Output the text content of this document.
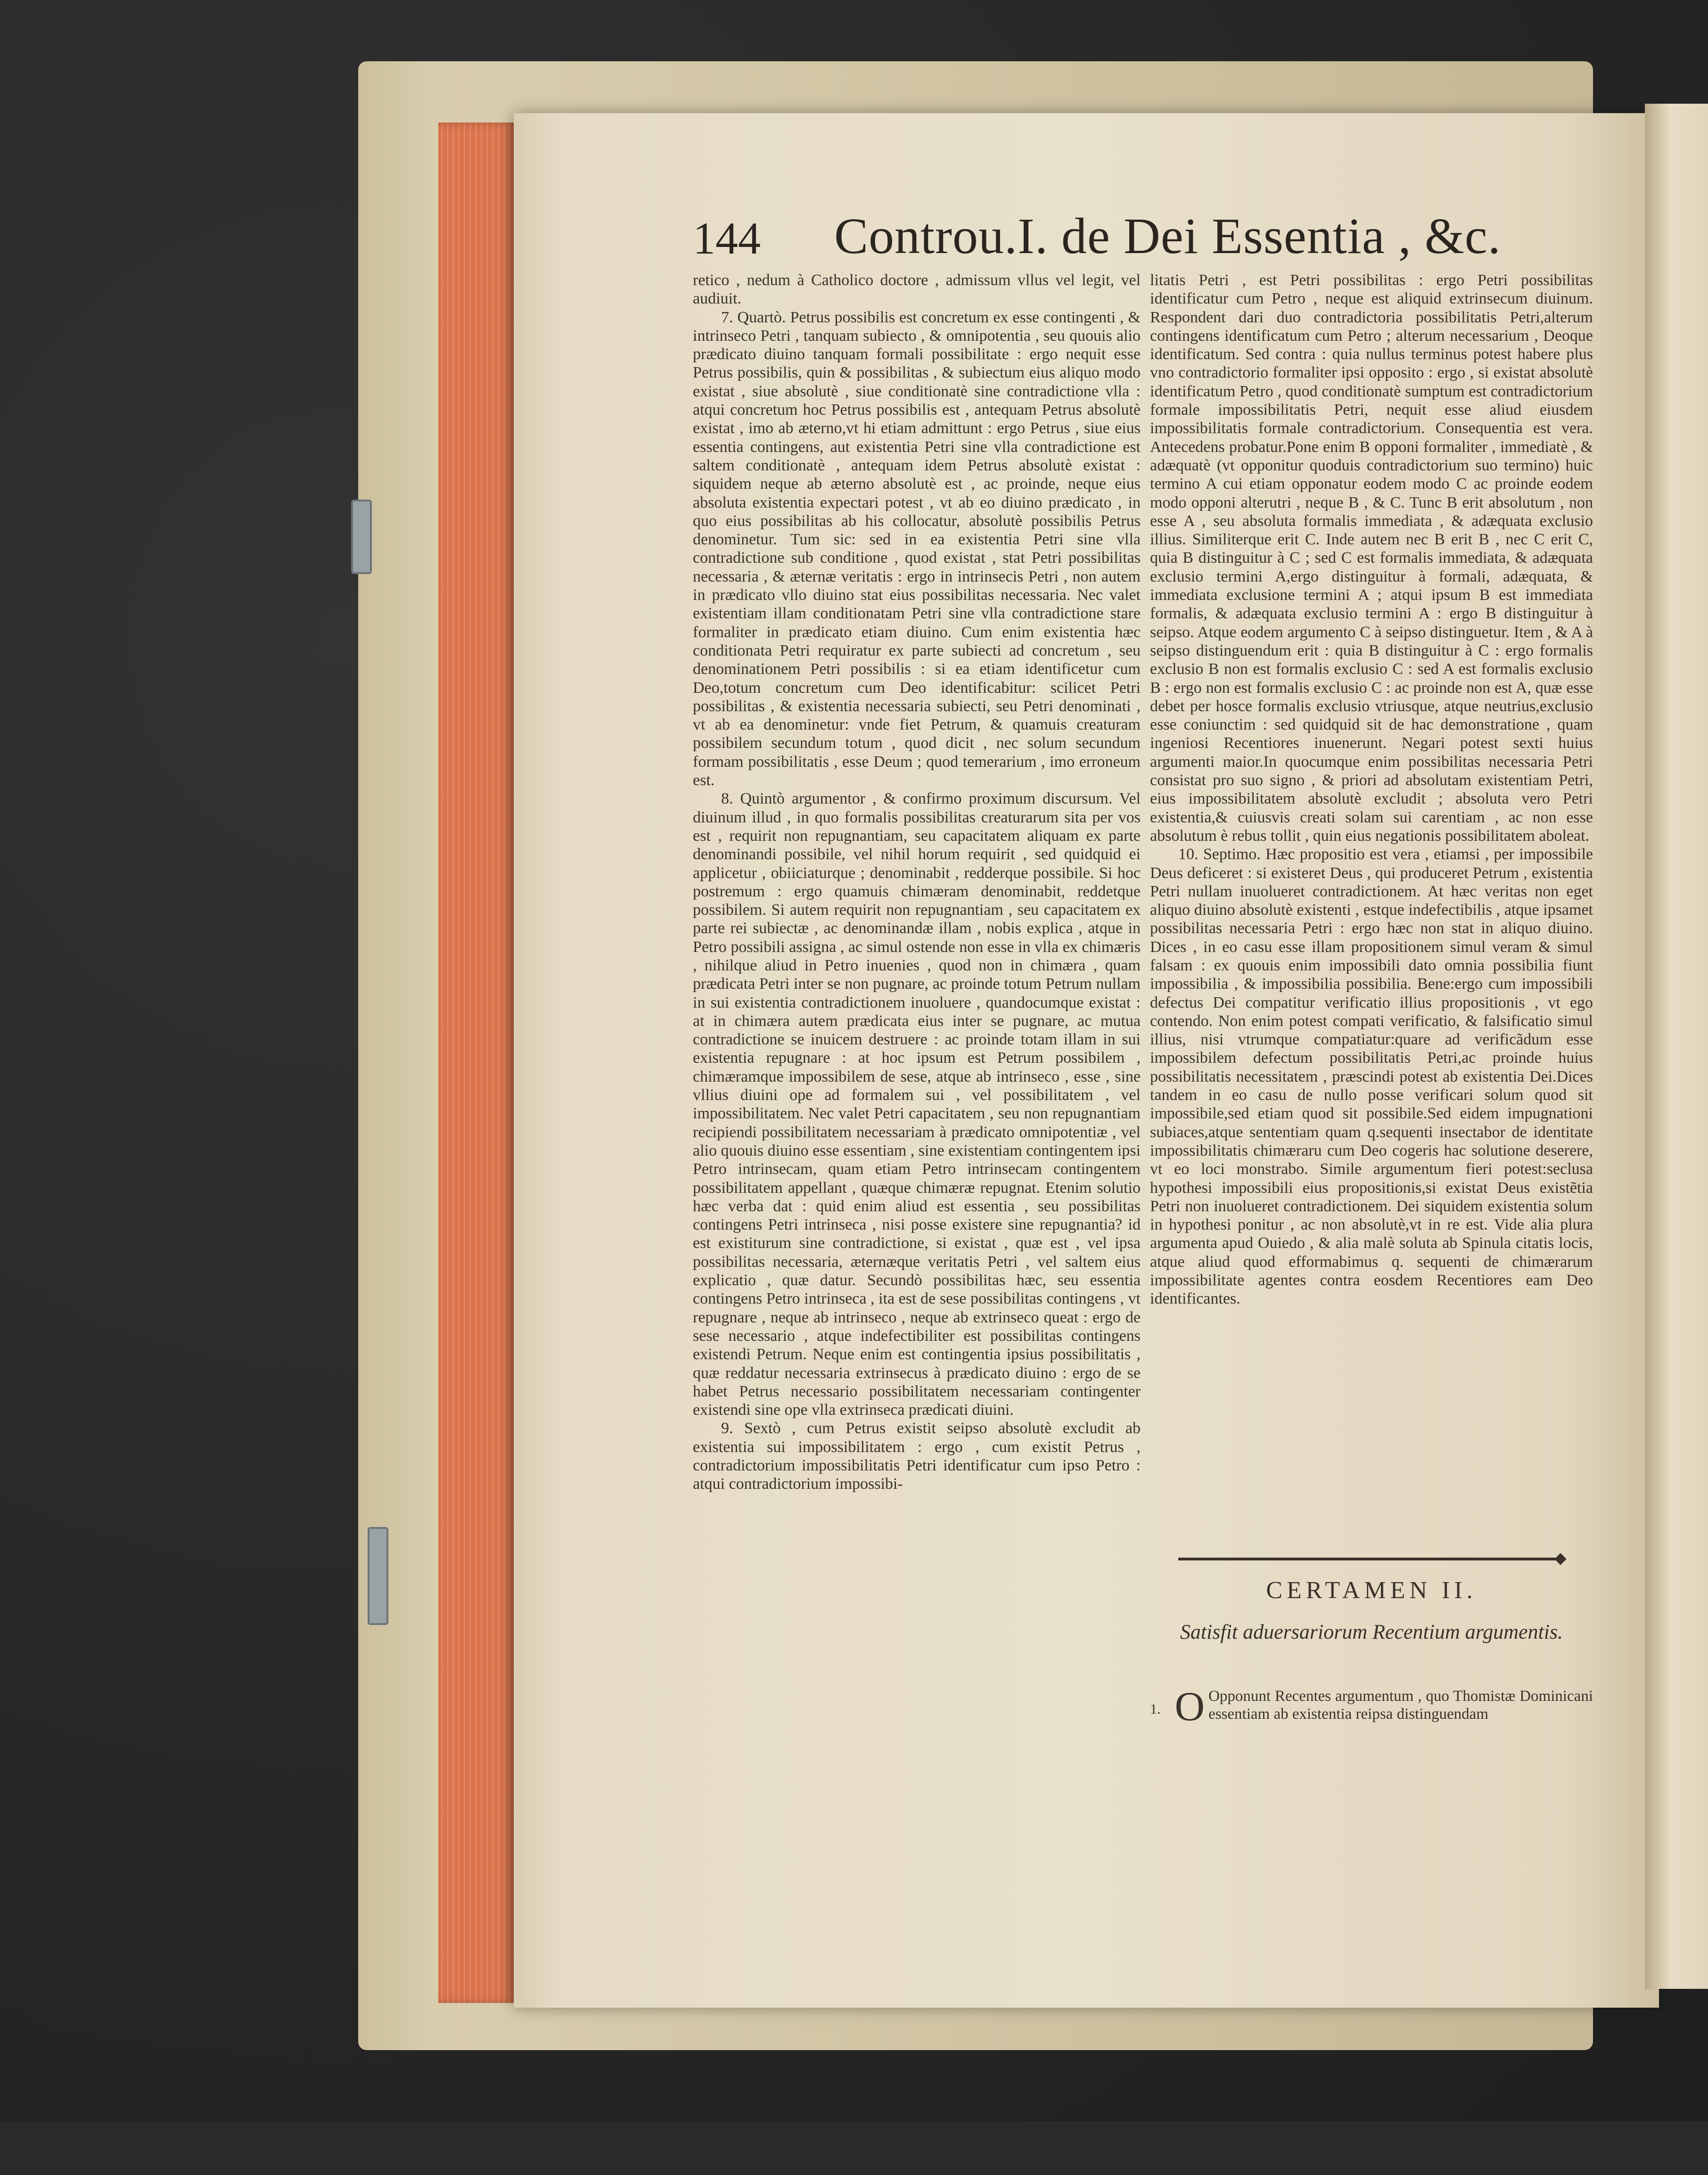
144 Controu.I. de Dei Essentia , &c.

retico , nedum à Catholico doctore , admissum vllus vel legit, vel audiuit.

7. Quartò. Petrus possibilis est concretum ex esse contingenti , & intrinseco Petri , tanquam subiecto , & omnipotentia , seu quouis alio prædicato diuino tanquam formali possibilitate : ergo nequit esse Petrus possibilis, quin & possibilitas , & subiectum eius aliquo modo existat , siue absolutè , siue conditionatè sine contradictione vlla : atqui concretum hoc Petrus possibilis est , antequam Petrus absolutè existat , imo ab æterno,vt hi etiam admittunt : ergo Petrus , siue eius essentia contingens, aut existentia Petri sine vlla contradictione est saltem conditionatè , antequam idem Petrus absolutè existat : siquidem neque ab æterno absolutè est , ac proinde, neque eius absoluta existentia expectari potest , vt ab eo diuino prædicato , in quo eius possibilitas ab his collocatur, absolutè possibilis Petrus denominetur. Tum sic: sed in ea existentia Petri sine vlla contradictione sub conditione , quod existat , stat Petri possibilitas necessaria , & æternæ veritatis : ergo in intrinsecis Petri , non autem in prædicato vllo diuino stat eius possibilitas necessaria. Nec valet existentiam illam conditionatam Petri sine vlla contradictione stare formaliter in prædicato etiam diuino. Cum enim existentia hæc conditionata Petri requiratur ex parte subiecti ad concretum , seu denominationem Petri possibilis : si ea etiam identificetur cum Deo,totum concretum cum Deo identificabitur: scilicet Petri possibilitas , & existentia necessaria subiecti, seu Petri denominati , vt ab ea denominetur: vnde fiet Petrum, & quamuis creaturam possibilem secundum totum , quod dicit , nec solum secundum formam possibilitatis , esse Deum ; quod temerarium , imo erroneum est.

8. Quintò argumentor , & confirmo proximum discursum. Vel diuinum illud , in quo formalis possibilitas creaturarum sita per vos est , requirit non repugnantiam, seu capacitatem aliquam ex parte denominandi possibile, vel nihil horum requirit , sed quidquid ei applicetur , obiiciaturque ; denominabit , redderque possibile. Si hoc postremum : ergo quamuis chimæram denominabit, reddetque possibilem. Si autem requirit non repugnantiam , seu capacitatem ex parte rei subiectæ , ac denominandæ illam , nobis explica , atque in Petro possibili assigna , ac simul ostende non esse in vlla ex chimæris , nihilque aliud in Petro inuenies , quod non in chimæra , quam prædicata Petri inter se non pugnare, ac proinde totum Petrum nullam in sui existentia contradictionem inuoluere , quandocumque existat : at in chimæra autem prædicata eius inter se pugnare, ac mutua contradictione se inuicem destruere : ac proinde totam illam in sui existentia repugnare : at hoc ipsum est Petrum possibilem , chimæramque impossibilem de sese, atque ab intrinseco , esse , sine vllius diuini ope ad formalem sui , vel possibilitatem , vel impossibilitatem. Nec valet Petri capacitatem , seu non repugnantiam recipiendi possibilitatem necessariam à prædicato omnipotentiæ , vel alio quouis diuino esse essentiam , sine existentiam contingentem ipsi Petro intrinsecam, quam etiam Petro intrinsecam contingentem possibilitatem appellant , quæque chimæræ repugnat. Etenim solutio hæc verba dat : quid enim aliud est essentia , seu possibilitas contingens Petri intrinseca , nisi posse existere sine repugnantia? id est existiturum sine contradictione, si existat , quæ est , vel ipsa possibilitas necessaria, æternæque veritatis Petri , vel saltem eius explicatio , quæ datur. Secundò possibilitas hæc, seu essentia contingens Petro intrinseca , ita est de sese possibilitas contingens , vt repugnare , neque ab intrinseco , neque ab extrinseco queat : ergo de sese necessario , atque indefectibiliter est possibilitas contingens existendi Petrum. Neque enim est contingentia ipsius possibilitatis , quæ reddatur necessaria extrinsecus à prædicato diuino : ergo de se habet Petrus necessario possibilitatem necessariam contingenter existendi sine ope vlla extrinseca prædicati diuini.

9. Sextò , cum Petrus existit seipso absolutè excludit ab existentia sui impossibilitatem : ergo , cum existit Petrus , contradictorium impossibilitatis Petri identificatur cum ipso Petro : atqui contradictorium impossibi-

litatis Petri , est Petri possibilitas : ergo Petri possibilitas identificatur cum Petro , neque est aliquid extrinsecum diuinum. Respondent dari duo contradictoria possibilitatis Petri,alterum contingens identificatum cum Petro ; alterum necessarium , Deoque identificatum. Sed contra : quia nullus terminus potest habere plus vno contradictorio formaliter ipsi opposito : ergo , si existat absolutè identificatum Petro , quod conditionatè sumptum est contradictorium formale impossibilitatis Petri, nequit esse aliud eiusdem impossibilitatis formale contradictorium. Consequentia est vera. Antecedens probatur.Pone enim B opponi formaliter , immediatè , & adæquatè (vt opponitur quoduis contradictorium suo termino) huic termino A cui etiam opponatur eodem modo C ac proinde eodem modo opponi alterutri , neque B , & C. Tunc B erit absolutum , non esse A , seu absoluta formalis immediata , & adæquata exclusio illius. Similiterque erit C. Inde autem nec B erit B , nec C erit C, quia B distinguitur à C ; sed C est formalis immediata, & adæquata exclusio termini A,ergo distinguitur à formali, adæquata, & immediata exclusione termini A ; atqui ipsum B est immediata formalis, & adæquata exclusio termini A : ergo B distinguitur à seipso. Atque eodem argumento C à seipso distinguetur. Item , & A à seipso distinguendum erit : quia B distinguitur à C : ergo formalis exclusio B non est formalis exclusio C : sed A est formalis exclusio B : ergo non est formalis exclusio C : ac proinde non est A, quæ esse debet per hosce formalis exclusio vtriusque, atque neutrius,exclusio esse coniunctim : sed quidquid sit de hac demonstratione , quam ingeniosi Recentiores inuenerunt. Negari potest sexti huius argumenti maior.In quocumque enim possibilitas necessaria Petri consistat pro suo signo , & priori ad absolutam existentiam Petri, eius impossibilitatem absolutè excludit ; absoluta vero Petri existentia,& cuiusvis creati solam sui carentiam , ac non esse absolutum è rebus tollit , quin eius negationis possibilitatem aboleat.

10. Septimo. Hæc propositio est vera , etiamsi , per impossibile Deus deficeret : si existeret Deus , qui produceret Petrum , existentia Petri nullam inuolueret contradictionem. At hæc veritas non eget aliquo diuino absolutè existenti , estque indefectibilis , atque ipsamet possibilitas necessaria Petri : ergo hæc non stat in aliquo diuino. Dices , in eo casu esse illam propositionem simul veram & simul falsam : ex quouis enim impossibili dato omnia possibilia fiunt impossibilia , & impossibilia possibilia. Bene:ergo cum impossibili defectus Dei compatitur verificatio illius propositionis , vt ego contendo. Non enim potest compati verificatio, & falsificatio simul illius, nisi vtrumque compatiatur:quare ad verificãdum esse impossibilem defectum possibilitatis Petri,ac proinde huius possibilitatis necessitatem , præscindi potest ab existentia Dei.Dices tandem in eo casu de nullo posse verificari solum quod sit impossibile,sed etiam quod sit possibile.Sed eidem impugnationi subiaces,atque sententiam quam q.sequenti insectabor de identitate impossibilitatis chimæraru cum Deo cogeris hac solutione deserere, vt eo loci monstrabo. Simile argumentum fieri potest:seclusa hypothesi impossibili eius propositionis,si existat Deus existẽtia Petri non inuolueret contradictionem. Dei siquidem existentia solum in hypothesi ponitur , ac non absolutè,vt in re est. Vide alia plura argumenta apud Ouiedo , & alia malè soluta ab Spinula citatis locis, atque aliud quod efformabimus q. sequenti de chimærarum impossibilitate agentes contra eosdem Recentiores eam Deo identificantes.

CERTAMEN II.
Satisfit aduersariorum Recentium argumentis.
1. O Opponunt Recentes argumentum , quo Thomistæ Dominicani essentiam ab existentia reipsa distinguendam
